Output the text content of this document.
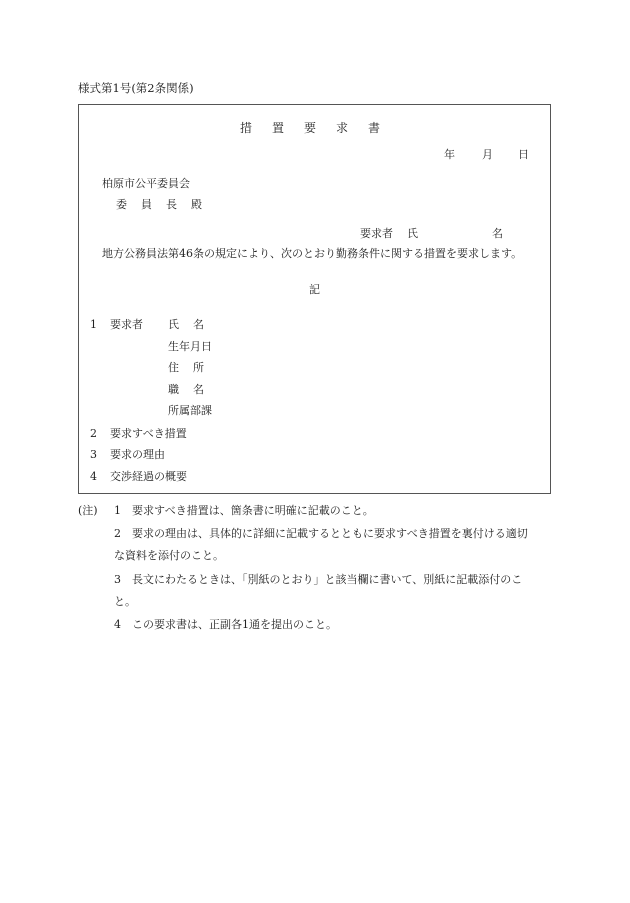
様式第1号(第2条関係)
措置要求書
年 月 日
柏原市公平委員会
委員長殿
要求者 氏	名
地方公務員法第46条の規定により、次のとおり勤務条件に関する措置を要求します。
記
1 要求者 氏名
生年月日
住所
職名
所属部課
2 要求すべき措置
3 要求の理由
4 交渉経過の概要
(注) 1 要求すべき措置は、箇条書に明確に記載のこと。
2 要求の理由は、具体的に詳細に記載するとともに要求すべき措置を裏付ける適切
な資料を添付のこと。
3 長文にわたるときは、「別紙のとおり」と該当欄に書いて、別紙に記載添付のこ
と。
4 この要求書は、正副各1通を提出のこと。
